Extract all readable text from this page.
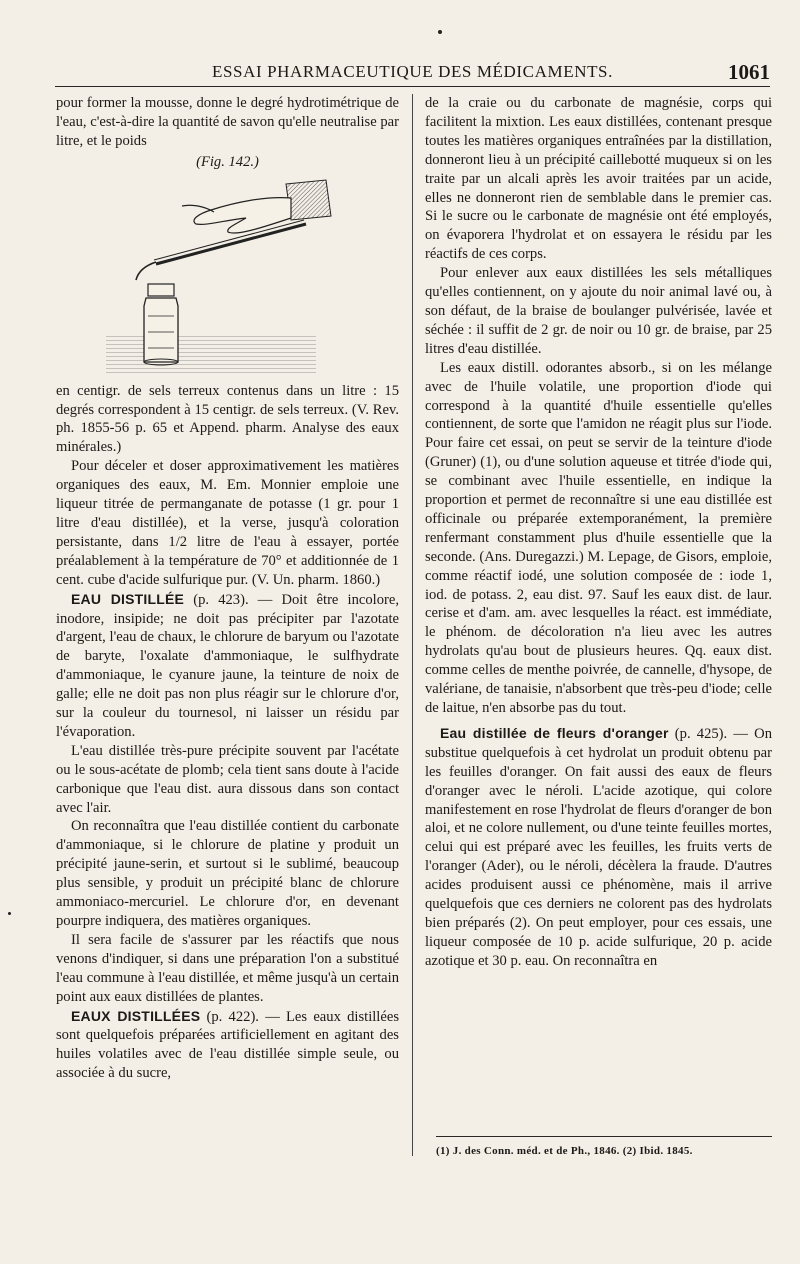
ESSAI PHARMACEUTIQUE DES MÉDICAMENTS.	1061

pour former la mousse, donne le degré hydrotimétrique de l'eau, c'est-à-dire la quantité de savon qu'elle neutralise par litre, et le poids

(Fig. 142.)

en centigr. de sels terreux contenus dans un litre : 15 degrés correspondent à 15 centigr. de sels terreux. (V. Rev. ph. 1855-56 p. 65 et Append. pharm. Analyse des eaux minérales.)

Pour déceler et doser approximativement les matières organiques des eaux, M. Em. Monnier emploie une liqueur titrée de permanganate de potasse (1 gr. pour 1 litre d'eau distillée), et la verse, jusqu'à coloration persistante, dans 1/2 litre de l'eau à essayer, portée préalablement à la température de 70° et additionnée de 1 cent. cube d'acide sulfurique pur. (V. Un. pharm. 1860.)

EAU DISTILLÉE (p. 423). — Doit être incolore, inodore, insipide; ne doit pas précipiter par l'azotate d'argent, l'eau de chaux, le chlorure de baryum ou l'azotate de baryte, l'oxalate d'ammoniaque, le sulfhydrate d'ammoniaque, le cyanure jaune, la teinture de noix de galle; elle ne doit pas non plus réagir sur le chlorure d'or, sur la couleur du tournesol, ni laisser un résidu par l'évaporation.

L'eau distillée très-pure précipite souvent par l'acétate ou le sous-acétate de plomb; cela tient sans doute à l'acide carbonique que l'eau dist. aura dissous dans son contact avec l'air.

On reconnaîtra que l'eau distillée contient du carbonate d'ammoniaque, si le chlorure de platine y produit un précipité jaune-serin, et surtout si le sublimé, beaucoup plus sensible, y produit un précipité blanc de chlorure ammoniaco-mercuriel. Le chlorure d'or, en devenant pourpre indiquera, des matières organiques.

Il sera facile de s'assurer par les réactifs que nous venons d'indiquer, si dans une préparation l'on a substitué l'eau commune à l'eau distillée, et même jusqu'à un certain point aux eaux distillées de plantes.

EAUX DISTILLÉES (p. 422). — Les eaux distillées sont quelquefois préparées artificiellement en agitant des huiles volatiles avec de l'eau distillée simple seule, ou associée à du sucre,

de la craie ou du carbonate de magnésie, corps qui facilitent la mixtion. Les eaux distillées, contenant presque toutes les matières organiques entraînées par la distillation, donneront lieu à un précipité caillebotté muqueux si on les traite par un alcali après les avoir traitées par un acide, elles ne donneront rien de semblable dans le premier cas. Si le sucre ou le carbonate de magnésie ont été employés, on évaporera l'hydrolat et on essayera le résidu par les réactifs de ces corps.

Pour enlever aux eaux distillées les sels métalliques qu'elles contiennent, on y ajoute du noir animal lavé ou, à son défaut, de la braise de boulanger pulvérisée, lavée et séchée : il suffit de 2 gr. de noir ou 10 gr. de braise, par 25 litres d'eau distillée.

Les eaux distill. odorantes absorb., si on les mélange avec de l'huile volatile, une proportion d'iode qui correspond à la quantité d'huile essentielle qu'elles contiennent, de sorte que l'amidon ne réagit plus sur l'iode. Pour faire cet essai, on peut se servir de la teinture d'iode (Gruner) (1), ou d'une solution aqueuse et titrée d'iode qui, se combinant avec l'huile essentielle, en indique la proportion et permet de reconnaître si une eau distillée est officinale ou préparée extemporanément, la première renfermant constamment plus d'huile essentielle que la seconde. (Ans. Duregazzi.) M. Lepage, de Gisors, emploie, comme réactif iodé, une solution composée de : iode 1, iod. de potass. 2, eau dist. 97. Sauf les eaux dist. de laur. cerise et d'am. am. avec lesquelles la réact. est immédiate, le phénom. de décoloration n'a lieu avec les autres hydrolats qu'au bout de plusieurs heures. Qq. eaux dist. comme celles de menthe poivrée, de cannelle, d'hysope, de valériane, de tanaisie, n'absorbent que très-peu d'iode; celle de laitue, n'en absorbe pas du tout.

Eau distillée de fleurs d'oranger (p. 425). — On substitue quelquefois à cet hydrolat un produit obtenu par les feuilles d'oranger. On fait aussi des eaux de fleurs d'oranger avec le néroli. L'acide azotique, qui colore manifestement en rose l'hydrolat de fleurs d'oranger de bon aloi, et ne colore nullement, ou d'une teinte feuilles mortes, celui qui est préparé avec les feuilles, les fruits verts de l'oranger (Ader), ou le néroli, décèlera la fraude. D'autres acides produisent aussi ce phénomène, mais il arrive quelquefois que ces derniers ne colorent pas des hydrolats bien préparés (2). On peut employer, pour ces essais, une liqueur composée de 10 p. acide sulfurique, 20 p. acide azotique et 30 p. eau. On reconnaîtra en

(1) J. des Conn. méd. et de Ph., 1846. (2) Ibid. 1845.
